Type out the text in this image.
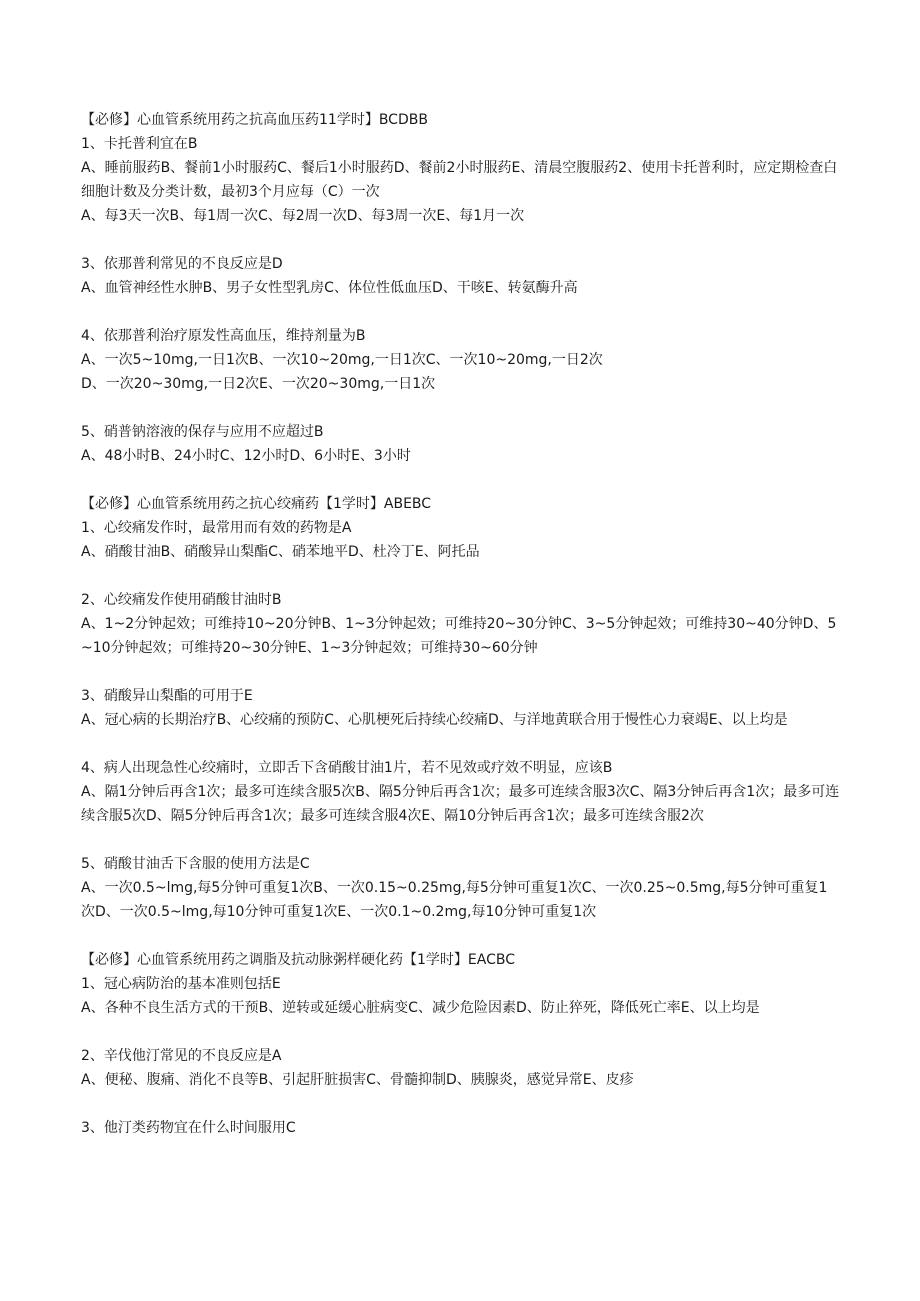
【必修】心血管系统用药之抗高血压药11学时】BCDBB

1、卡托普利宜在B

A、睡前服药B、餐前1小时服药C、餐后1小时服药D、餐前2小时服药E、清晨空腹服药2、使用卡托普利时，应定期检查白细胞计数及分类计数，最初3个月应每（C）一次

A、每3天一次B、每1周一次C、每2周一次D、每3周一次E、每1月一次

3、依那普利常见的不良反应是D

A、血管神经性水肿B、男子女性型乳房C、体位性低血压D、干咳E、转氨酶升高

4、依那普利治疗原发性高血压，维持剂量为B

A、一次5~10mg,一日1次B、一次10~20mg,一日1次C、一次10~20mg,一日2次

D、一次20~30mg,一日2次E、一次20~30mg,一日1次

5、硝普钠溶液的保存与应用不应超过B

A、48小时B、24小时C、12小时D、6小时E、3小时

【必修】心血管系统用药之抗心绞痛药【1学时】ABEBC

1、心绞痛发作时，最常用而有效的药物是A

A、硝酸甘油B、硝酸异山梨酯C、硝苯地平D、杜冷丁E、阿托品

2、心绞痛发作使用硝酸甘油时B

A、1~2分钟起效；可维持10~20分钟B、1~3分钟起效；可维持20~30分钟C、3~5分钟起效；可维持30~40分钟D、5~10分钟起效；可维持20~30分钟E、1~3分钟起效；可维持30~60分钟

3、硝酸异山梨酯的可用于E

A、冠心病的长期治疗B、心绞痛的预防C、心肌梗死后持续心绞痛D、与洋地黄联合用于慢性心力衰竭E、以上均是

4、病人出现急性心绞痛时，立即舌下含硝酸甘油1片，若不见效或疗效不明显，应该B

A、隔1分钟后再含1次；最多可连续含服5次B、隔5分钟后再含1次；最多可连续含服3次C、隔3分钟后再含1次；最多可连续含服5次D、隔5分钟后再含1次；最多可连续含服4次E、隔10分钟后再含1次；最多可连续含服2次

5、硝酸甘油舌下含服的使用方法是C

A、一次0.5~lmg,每5分钟可重复1次B、一次0.15~0.25mg,每5分钟可重复1次C、一次0.25~0.5mg,每5分钟可重复1次D、一次0.5~lmg,每10分钟可重复1次E、一次0.1~0.2mg,每10分钟可重复1次

【必修】心血管系统用药之调脂及抗动脉粥样硬化药【1学时】EACBC

1、冠心病防治的基本准则包括E

A、各种不良生活方式的干预B、逆转或延缓心脏病变C、减少危险因素D、防止猝死，降低死亡率E、以上均是

2、辛伐他汀常见的不良反应是A

A、便秘、腹痛、消化不良等B、引起肝脏损害C、骨髓抑制D、胰腺炎，感觉异常E、皮疹

3、他汀类药物宜在什么时间服用C
